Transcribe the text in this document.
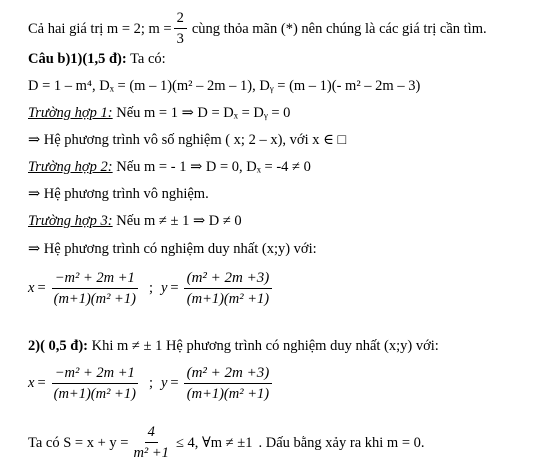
Cả hai giá trị m = 2; $m = \frac{2}{3}$ cùng thỏa mãn (*) nên chúng là các giá trị cần tìm.
Câu b)1)(1,5 đ): Ta có:
D = 1 – m⁴, Dₓ = (m – 1)(m² – 2m – 1), Dᵧ = (m – 1)(- m² – 2m – 3)
Trường hợp 1: Nếu m = 1 ⇒ D = Dₓ = Dᵧ = 0
⇒ Hệ phương trình vô số nghiệm ( x; 2 – x), với x ∈ □
Trường hợp 2: Nếu m = - 1 ⇒ D = 0, Dₓ = -4 ≠ 0
⇒ Hệ phương trình vô nghiệm.
Trường hợp 3: Nếu m ≠ ± 1 ⇒ D ≠ 0
⇒ Hệ phương trình có nghiệm duy nhất (x;y) với:
$x = \frac{\text{−m² + 2m +1}}{\text{(m+1)(m² +1)}}$ ; $y = \frac{\text{(m² + 2m +3)}}{\text{(m+1)(m² +1)}}$
2)( 0,5 đ): Khi m ≠ ± 1 Hệ phương trình có nghiệm duy nhất (x;y) với:
$x = \frac{\text{−m² + 2m +1}}{\text{(m+1)(m² +1)}}$ ; $y = \frac{\text{(m² + 2m +3)}}{\text{(m+1)(m² +1)}}$
Ta có $S = x + y = \frac{4}{\text{m² +1}} \le 4$, ∀m ≠ ±1 . Dấu bằng xảy ra khi m = 0.
